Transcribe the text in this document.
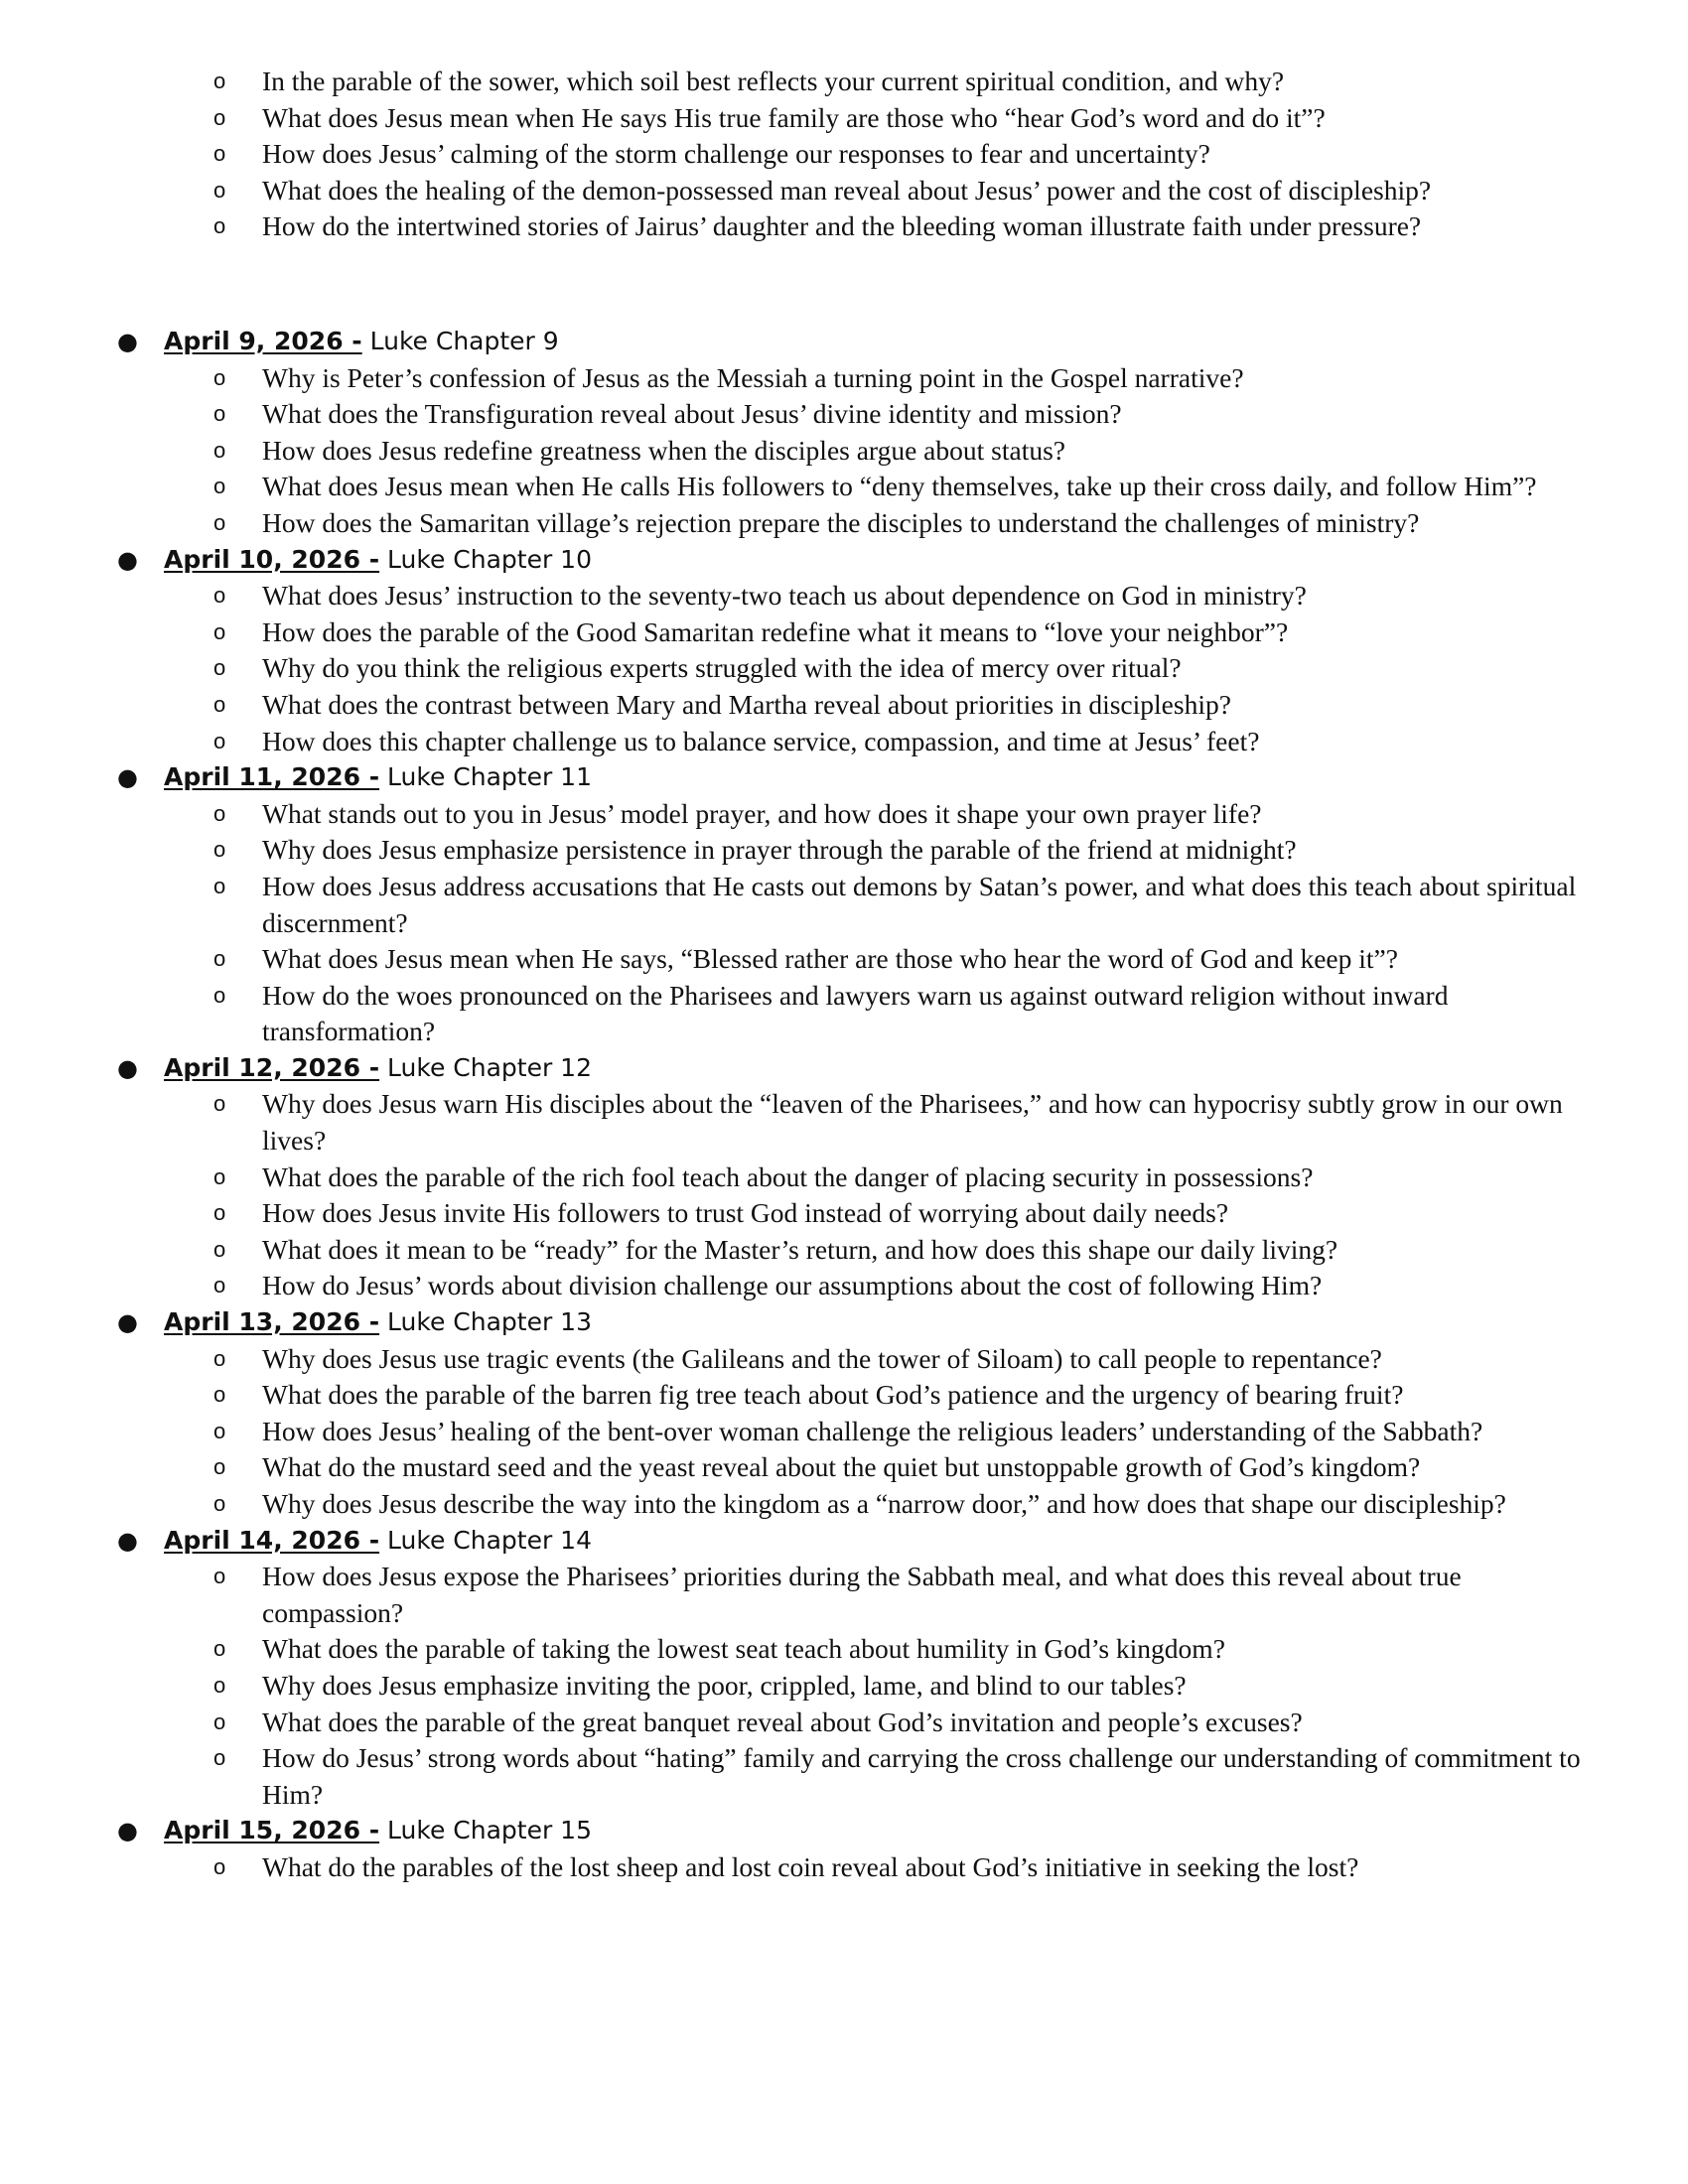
o In the parable of the sower, which soil best reflects your current spiritual condition, and why?
o What does Jesus mean when He says His true family are those who “hear God’s word and do it”?
o How does Jesus’ calming of the storm challenge our responses to fear and uncertainty?
o What does the healing of the demon-possessed man reveal about Jesus’ power and the cost of discipleship?
o How do the intertwined stories of Jairus’ daughter and the bleeding woman illustrate faith under pressure?
● April 9, 2026 - Luke Chapter 9
o Why is Peter’s confession of Jesus as the Messiah a turning point in the Gospel narrative?
o What does the Transfiguration reveal about Jesus’ divine identity and mission?
o How does Jesus redefine greatness when the disciples argue about status?
o What does Jesus mean when He calls His followers to “deny themselves, take up their cross daily, and follow Him”?
o How does the Samaritan village’s rejection prepare the disciples to understand the challenges of ministry?
● April 10, 2026 - Luke Chapter 10
o What does Jesus’ instruction to the seventy-two teach us about dependence on God in ministry?
o How does the parable of the Good Samaritan redefine what it means to “love your neighbor”?
o Why do you think the religious experts struggled with the idea of mercy over ritual?
o What does the contrast between Mary and Martha reveal about priorities in discipleship?
o How does this chapter challenge us to balance service, compassion, and time at Jesus’ feet?
● April 11, 2026 - Luke Chapter 11
o What stands out to you in Jesus’ model prayer, and how does it shape your own prayer life?
o Why does Jesus emphasize persistence in prayer through the parable of the friend at midnight?
o How does Jesus address accusations that He casts out demons by Satan’s power, and what does this teach about spiritual discernment?
o What does Jesus mean when He says, “Blessed rather are those who hear the word of God and keep it”?
o How do the woes pronounced on the Pharisees and lawyers warn us against outward religion without inward transformation?
● April 12, 2026 - Luke Chapter 12
o Why does Jesus warn His disciples about the “leaven of the Pharisees,” and how can hypocrisy subtly grow in our own lives?
o What does the parable of the rich fool teach about the danger of placing security in possessions?
o How does Jesus invite His followers to trust God instead of worrying about daily needs?
o What does it mean to be “ready” for the Master’s return, and how does this shape our daily living?
o How do Jesus’ words about division challenge our assumptions about the cost of following Him?
● April 13, 2026 - Luke Chapter 13
o Why does Jesus use tragic events (the Galileans and the tower of Siloam) to call people to repentance?
o What does the parable of the barren fig tree teach about God’s patience and the urgency of bearing fruit?
o How does Jesus’ healing of the bent-over woman challenge the religious leaders’ understanding of the Sabbath?
o What do the mustard seed and the yeast reveal about the quiet but unstoppable growth of God’s kingdom?
o Why does Jesus describe the way into the kingdom as a “narrow door,” and how does that shape our discipleship?
● April 14, 2026 - Luke Chapter 14
o How does Jesus expose the Pharisees’ priorities during the Sabbath meal, and what does this reveal about true compassion?
o What does the parable of taking the lowest seat teach about humility in God’s kingdom?
o Why does Jesus emphasize inviting the poor, crippled, lame, and blind to our tables?
o What does the parable of the great banquet reveal about God’s invitation and people’s excuses?
o How do Jesus’ strong words about “hating” family and carrying the cross challenge our understanding of commitment to Him?
● April 15, 2026 - Luke Chapter 15
o What do the parables of the lost sheep and lost coin reveal about God’s initiative in seeking the lost?
